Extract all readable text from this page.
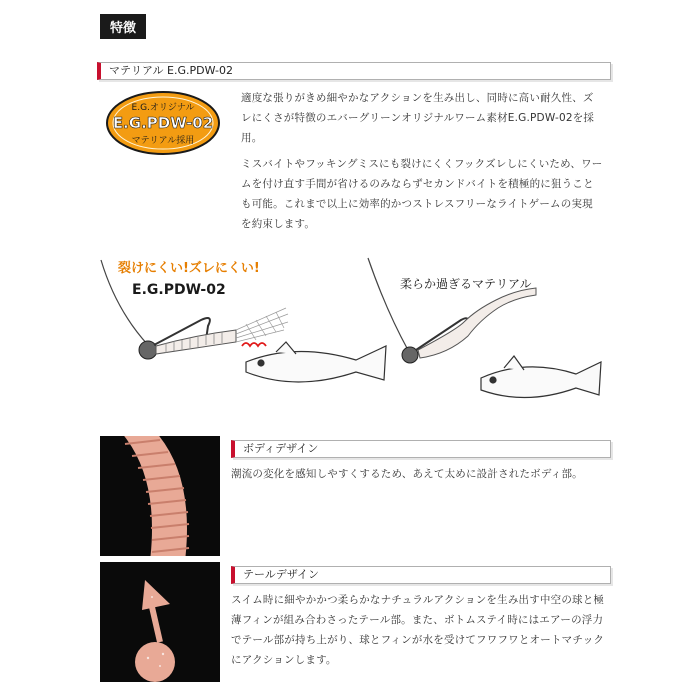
特徴
マテリアル E.G.PDW-02
E.G.オリジナル
E.G.PDW-02
マテリアル採用

適度な張りがきめ細やかなアクションを生み出し、同時に高い耐久性、ズレにくさが特徴のエバーグリーンオリジナルワーム素材E.G.PDW-02を採用。

ミスバイトやフッキングミスにも裂けにくくフックズレしにくいため、ワームを付け直す手間が省けるのみならずセカンドバイトを積極的に狙うことも可能。これまで以上に効率的かつストレスフリーなライトゲームの実現を約束します。

裂けにくい!ズレにくい!
E.G.PDW-02	柔らか過ぎるマテリアル
ボディデザイン
潮流の変化を感知しやすくするため、あえて太めに設計されたボディ部。
テールデザイン
スイム時に細やかかつ柔らかなナチュラルアクションを生み出す中空の球と極薄フィンが組み合わさったテール部。また、ボトムステイ時にはエアーの浮力でテール部が持ち上がり、球とフィンが水を受けてフワフワとオートマチックにアクションします。
